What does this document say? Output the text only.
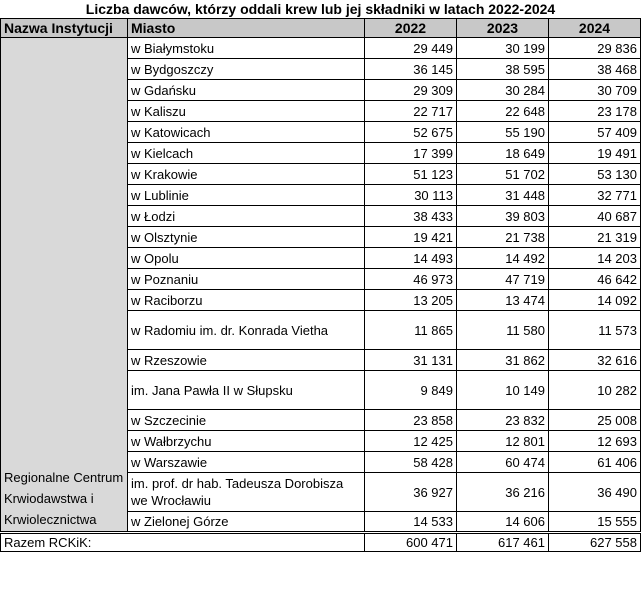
Liczba dawców, którzy oddali krew lub jej składniki w latach 2022-2024
Nazwa Instytucji	Miasto	2022	2023	2024
Regionalne Centrum Krwiodawstwa i Krwiolecznictwa	w Białymstoku	29 449	30 199	29 836
	w Bydgoszczy	36 145	38 595	38 468
	w Gdańsku	29 309	30 284	30 709
	w Kaliszu	22 717	22 648	23 178
	w Katowicach	52 675	55 190	57 409
	w Kielcach	17 399	18 649	19 491
	w Krakowie	51 123	51 702	53 130
	w Lublinie	30 113	31 448	32 771
	w Łodzi	38 433	39 803	40 687
	w Olsztynie	19 421	21 738	21 319
	w Opolu	14 493	14 492	14 203
	w Poznaniu	46 973	47 719	46 642
	w Raciborzu	13 205	13 474	14 092
	w Radomiu im. dr. Konrada Vietha	11 865	11 580	11 573
	w Rzeszowie	31 131	31 862	32 616
	im. Jana Pawła II w Słupsku	9 849	10 149	10 282
	w Szczecinie	23 858	23 832	25 008
	w Wałbrzychu	12 425	12 801	12 693
	w Warszawie	58 428	60 474	61 406
	im. prof. dr hab. Tadeusza Dorobisza we Wrocławiu	36 927	36 216	36 490
	w Zielonej Górze	14 533	14 606	15 555
Razem RCKiK:		600 471	617 461	627 558
